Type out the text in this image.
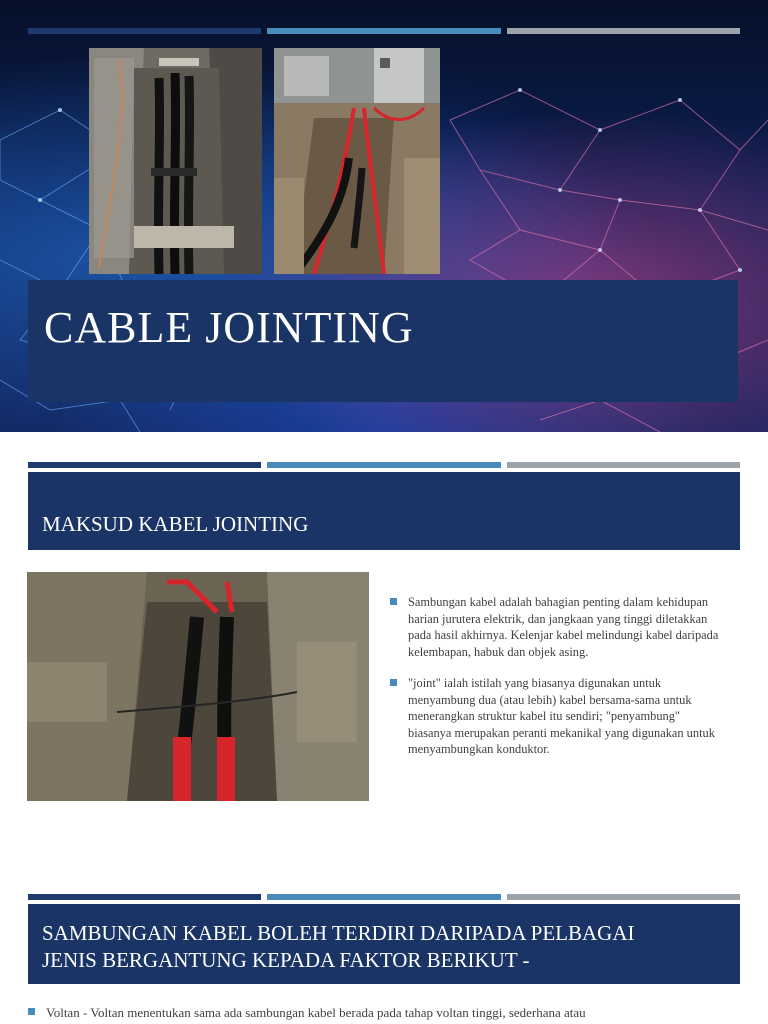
CABLE JOINTING
MAKSUD KABEL JOINTING
Sambungan kabel adalah bahagian penting dalam kehidupan harian jurutera elektrik, dan jangkaan yang tinggi diletakkan pada hasil akhirnya. Kelenjar kabel melindungi kabel daripada kelembapan, habuk dan objek asing.
"joint" ialah istilah yang biasanya digunakan untuk menyambung dua (atau lebih) kabel bersama-sama untuk menerangkan struktur kabel itu sendiri; "penyambung" biasanya merupakan peranti mekanikal yang digunakan untuk menyambungkan konduktor.
SAMBUNGAN KABEL BOLEH TERDIRI DARIPADA PELBAGAI
JENIS BERGANTUNG KEPADA FAKTOR BERIKUT -
Voltan - Voltan menentukan sama ada sambungan kabel berada pada tahap voltan tinggi, sederhana atau
